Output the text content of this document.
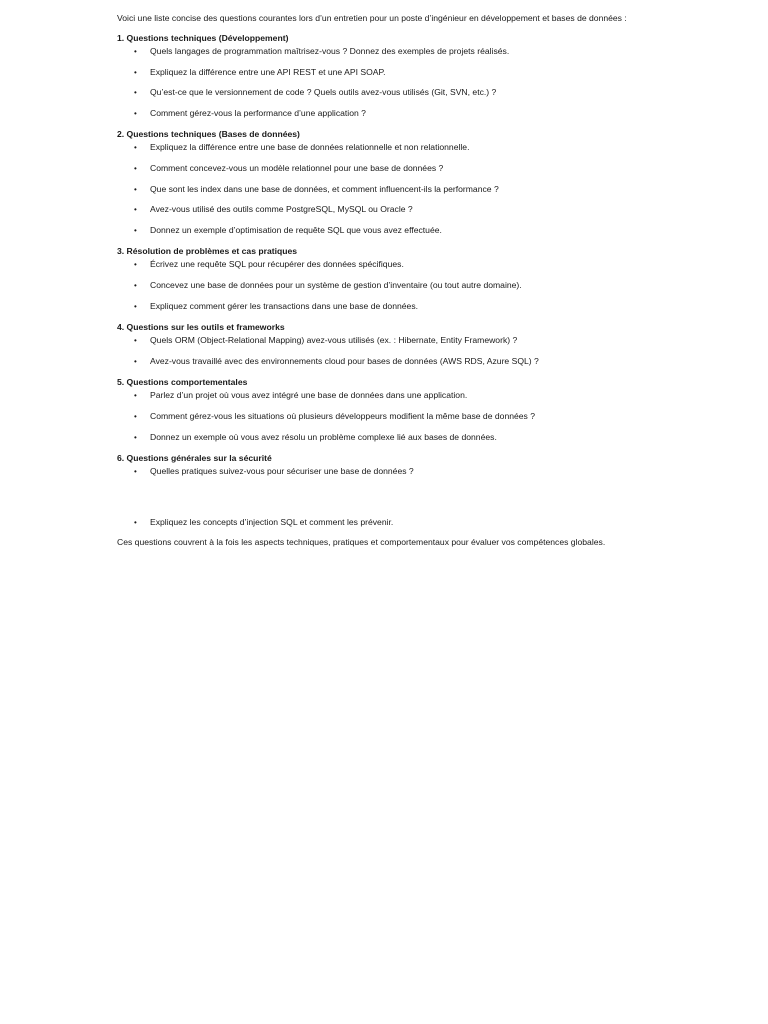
Voici une liste concise des questions courantes lors d’un entretien pour un poste d’ingénieur en développement et bases de données :

1. Questions techniques (Développement)

• Quels langages de programmation maîtrisez-vous ? Donnez des exemples de projets réalisés.
• Expliquez la différence entre une API REST et une API SOAP.
• Qu’est-ce que le versionnement de code ? Quels outils avez-vous utilisés (Git, SVN, etc.) ?
• Comment gérez-vous la performance d’une application ?

2. Questions techniques (Bases de données)

• Expliquez la différence entre une base de données relationnelle et non relationnelle.
• Comment concevez-vous un modèle relationnel pour une base de données ?
• Que sont les index dans une base de données, et comment influencent-ils la performance ?
• Avez-vous utilisé des outils comme PostgreSQL, MySQL ou Oracle ?
• Donnez un exemple d’optimisation de requête SQL que vous avez effectuée.

3. Résolution de problèmes et cas pratiques

• Écrivez une requête SQL pour récupérer des données spécifiques.
• Concevez une base de données pour un système de gestion d’inventaire (ou tout autre domaine).
• Expliquez comment gérer les transactions dans une base de données.

4. Questions sur les outils et frameworks

• Quels ORM (Object-Relational Mapping) avez-vous utilisés (ex. : Hibernate, Entity Framework) ?
• Avez-vous travaillé avec des environnements cloud pour bases de données (AWS RDS, Azure SQL) ?

5. Questions comportementales

• Parlez d’un projet où vous avez intégré une base de données dans une application.
• Comment gérez-vous les situations où plusieurs développeurs modifient la même base de données ?
• Donnez un exemple où vous avez résolu un problème complexe lié aux bases de données.

6. Questions générales sur la sécurité

• Quelles pratiques suivez-vous pour sécuriser une base de données ?
• Expliquez les concepts d’injection SQL et comment les prévenir.

Ces questions couvrent à la fois les aspects techniques, pratiques et comportementaux pour évaluer vos compétences globales.
